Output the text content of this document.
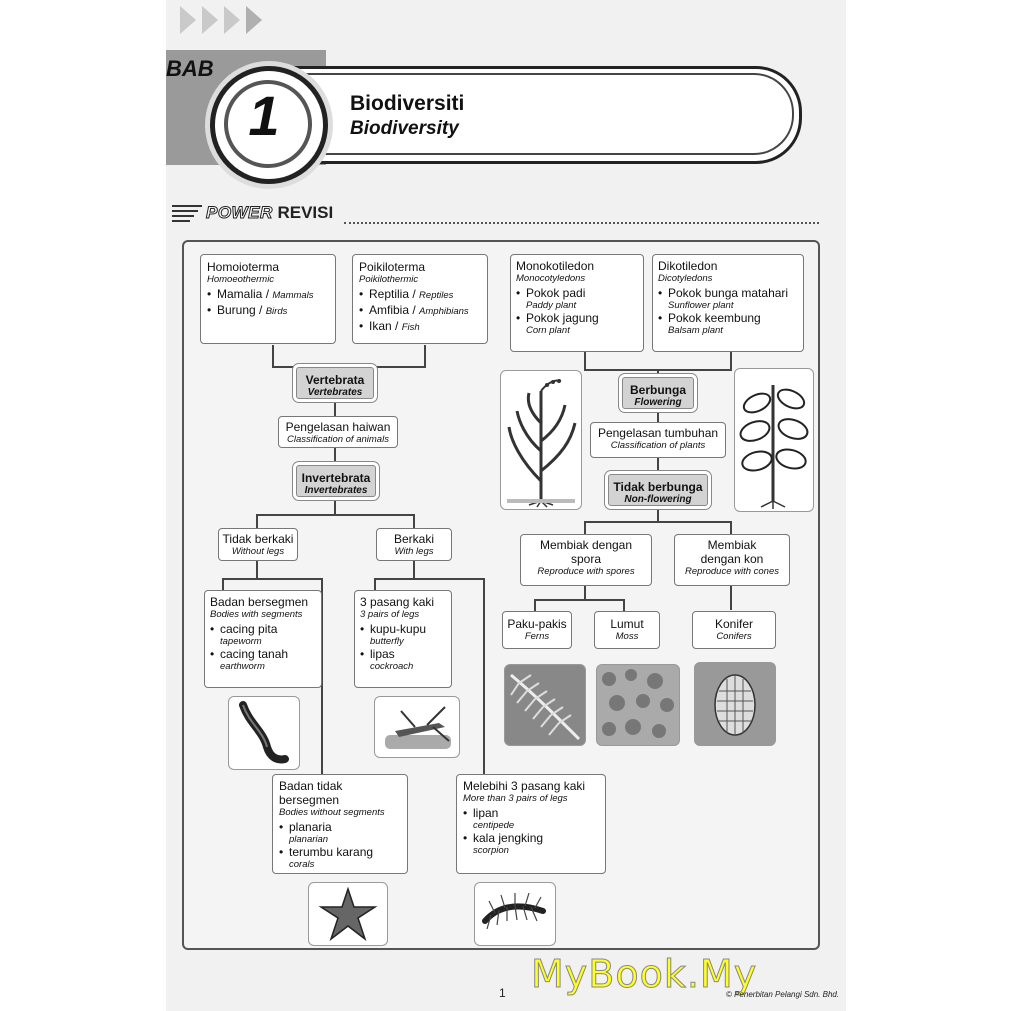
BAB
1	Biodiversiti
Biodiversity
POWER REVISI
Homoioterma
Homoeothermic
• Mamalia / Mammals
• Burung / Birds
Poikiloterma
Poikilothermic
• Reptilia / Reptiles
• Amfibia / Amphibians
• Ikan / Fish
Vertebrata
Vertebrates
Pengelasan haiwan
Classification of animals
Invertebrata
Invertebrates
Tidak berkaki
Without legs
Berkaki
With legs
Badan bersegmen
Bodies with segments
• cacing pita
tapeworm
• cacing tanah
earthworm
3 pasang kaki
3 pairs of legs
• kupu-kupu
butterfly
• lipas
cockroach
Badan tidak bersegmen
Bodies without segments
• planaria
planarian
• terumbu karang
corals
Melebihi 3 pasang kaki
More than 3 pairs of legs
• lipan
centipede
• kala jengking
scorpion
Monokotiledon
Monocotyledons
• Pokok padi
Paddy plant
• Pokok jagung
Corn plant
Dikotiledon
Dicotyledons
• Pokok bunga matahari
Sunflower plant
• Pokok keembung
Balsam plant
Berbunga
Flowering
Pengelasan tumbuhan
Classification of plants
Tidak berbunga
Non-flowering
Membiak dengan spora
Reproduce with spores
Membiak dengan kon
Reproduce with cones
Paku-pakis
Ferns
Lumut
Moss
Konifer
Conifers
MyBook.My
1	© Penerbitan Pelangi Sdn. Bhd.
